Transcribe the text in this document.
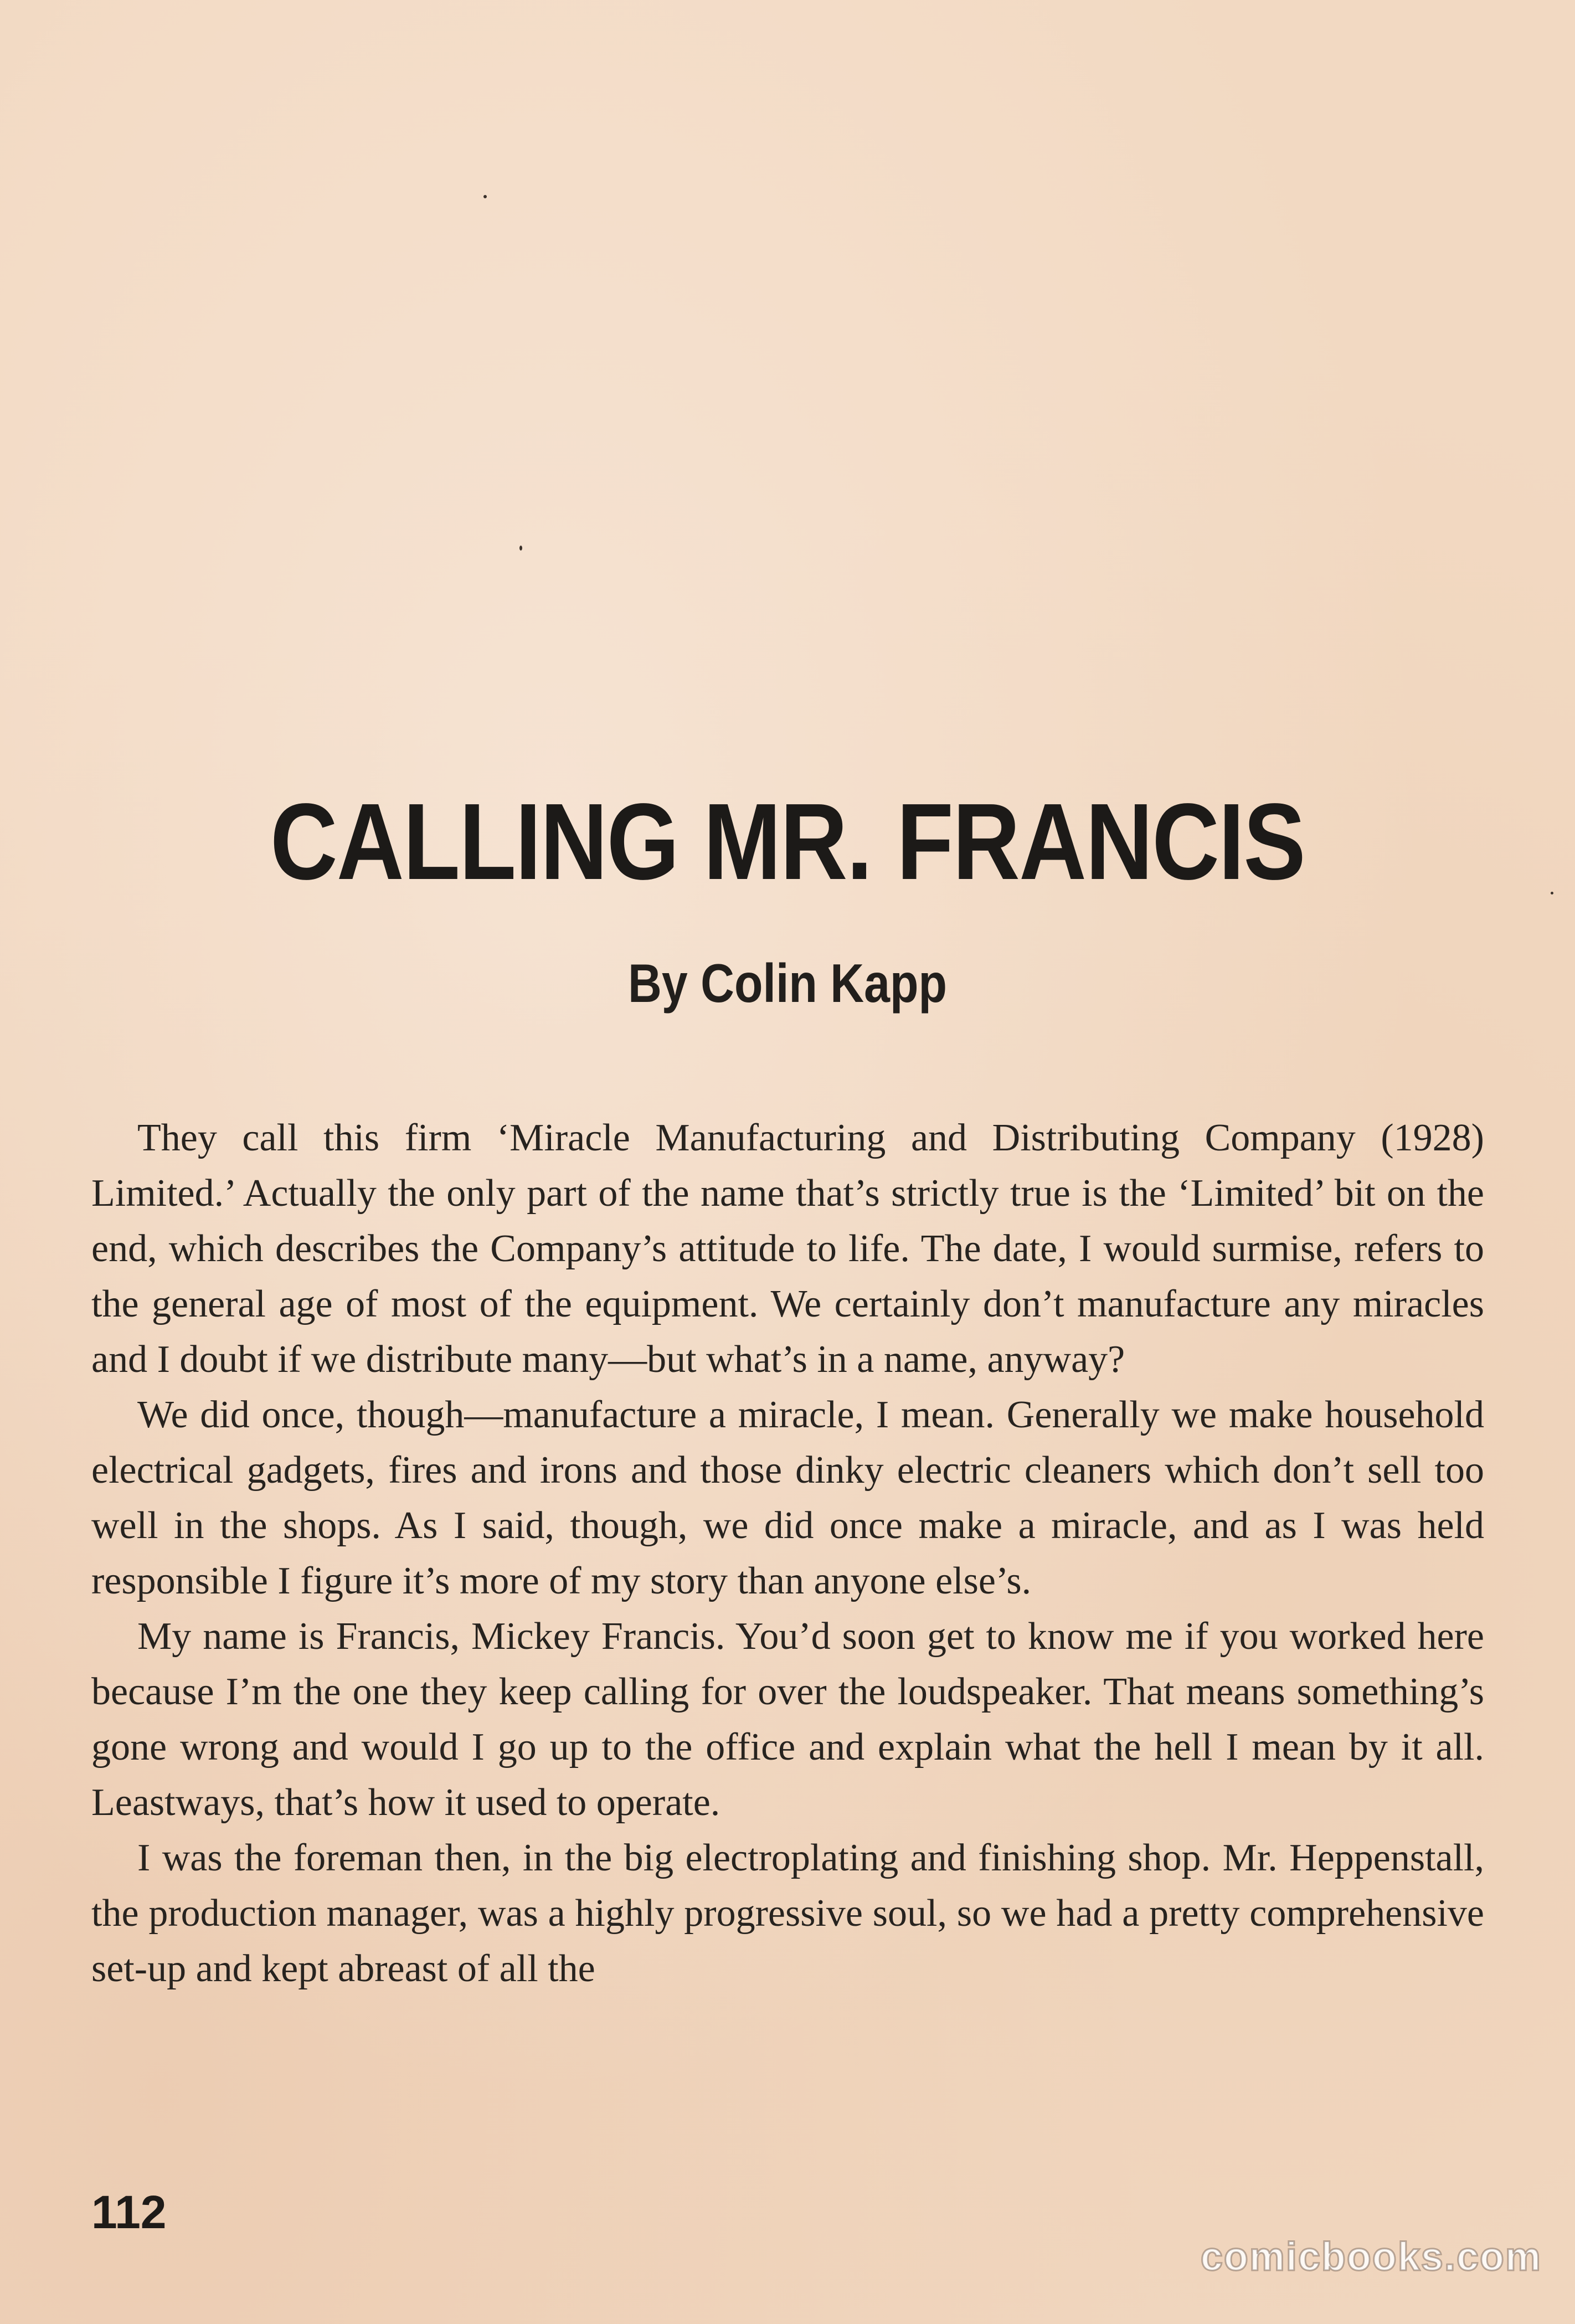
CALLING MR. FRANCIS
By Colin Kapp

They call this firm ‘Miracle Manufacturing and Distributing Company (1928) Limited.’ Actually the only part of the name that’s strictly true is the ‘Limited’ bit on the end, which describes the Company’s attitude to life. The date, I would surmise, refers to the general age of most of the equipment. We certainly don’t manufacture any miracles and I doubt if we distribute many—but what’s in a name, anyway?

We did once, though—manufacture a miracle, I mean. Generally we make household electrical gadgets, fires and irons and those dinky electric cleaners which don’t sell too well in the shops. As I said, though, we did once make a miracle, and as I was held responsible I figure it’s more of my story than anyone else’s.

My name is Francis, Mickey Francis. You’d soon get to know me if you worked here because I’m the one they keep calling for over the loudspeaker. That means something’s gone wrong and would I go up to the office and explain what the hell I mean by it all. Leastways, that’s how it used to operate.

I was the foreman then, in the big electroplating and finishing shop. Mr. Heppenstall, the production manager, was a highly progressive soul, so we had a pretty comprehensive set-up and kept abreast of all the

112
comicbooks.com
